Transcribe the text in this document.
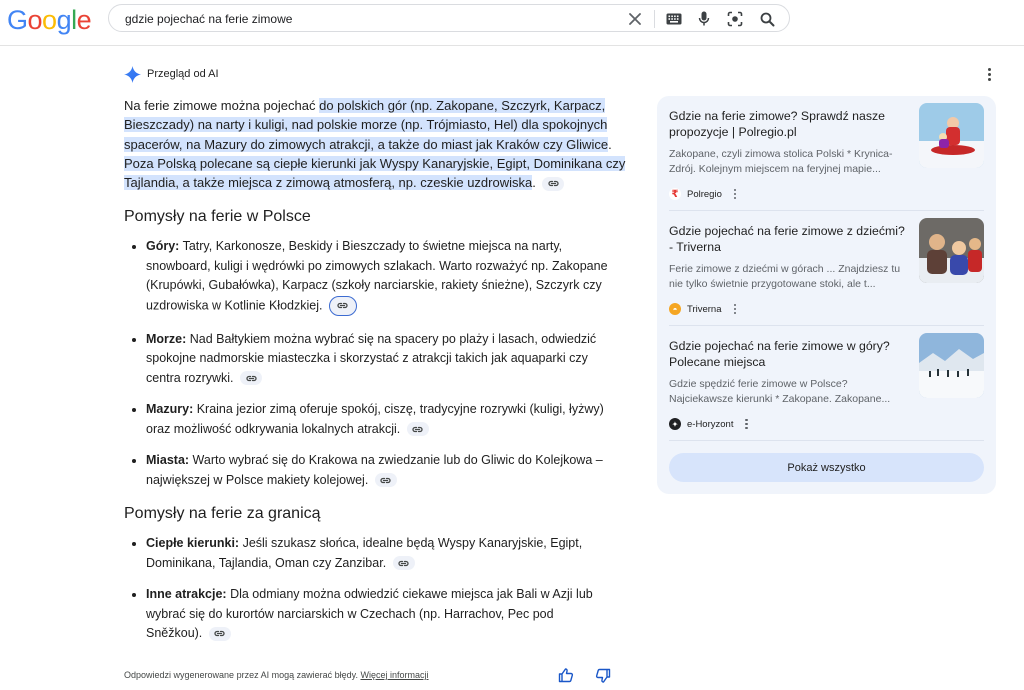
Google
gdzie pojechać na ferie zimowe
Przegląd od AI
Na ferie zimowe można pojechać do polskich gór (np. Zakopane, Szczyrk, Karpacz, Bieszczady) na narty i kuligi, nad polskie morze (np. Trójmiasto, Hel) dla spokojnych spacerów, na Mazury do zimowych atrakcji, a także do miast jak Kraków czy Gliwice. Poza Polską polecane są ciepłe kierunki jak Wyspy Kanaryjskie, Egipt, Dominikana czy Tajlandia, a także miejsca z zimową atmosferą, np. czeskie uzdrowiska.
Pomysły na ferie w Polsce
Góry: Tatry, Karkonosze, Beskidy i Bieszczady to świetne miejsca na narty, snowboard, kuligi i wędrówki po zimowych szlakach. Warto rozważyć np. Zakopane (Krupówki, Gubałówka), Karpacz (szkoły narciarskie, rakiety śnieżne), Szczyrk czy uzdrowiska w Kotlinie Kłodzkiej.
Morze: Nad Bałtykiem można wybrać się na spacery po plaży i lasach, odwiedzić spokojne nadmorskie miasteczka i skorzystać z atrakcji takich jak aquaparki czy centra rozrywki.
Mazury: Kraina jezior zimą oferuje spokój, ciszę, tradycyjne rozrywki (kuligi, łyżwy) oraz możliwość odkrywania lokalnych atrakcji.
Miasta: Warto wybrać się do Krakowa na zwiedzanie lub do Gliwic do Kolejkowa – największej w Polsce makiety kolejowej.
Pomysły na ferie za granicą
Ciepłe kierunki: Jeśli szukasz słońca, idealne będą Wyspy Kanaryjskie, Egipt, Dominikana, Tajlandia, Oman czy Zanzibar.
Inne atrakcje: Dla odmiany można odwiedzić ciekawe miejsca jak Bali w Azji lub wybrać się do kurortów narciarskich w Czechach (np. Harrachov, Pec pod Sněžkou).
Odpowiedzi wygenerowane przez AI mogą zawierać błędy. Więcej informacji
Gdzie na ferie zimowe? Sprawdź nasze propozycje | Polregio.pl
Zakopane, czyli zimowa stolica Polski * Krynica-Zdrój. Kolejnym miejscem na feryjnej mapie...
₹ Polregio
Gdzie pojechać na ferie zimowe z dziećmi? - Triverna
Ferie zimowe z dziećmi w górach ... Znajdziesz tu nie tylko świetnie przygotowane stoki, ale t...
◓	Triverna
Gdzie pojechać na ferie zimowe w góry? Polecane miejsca
Gdzie spędzić ferie zimowe w Polsce? Najciekawsze kierunki * Zakopane. Zakopane...
✦ e-Horyzont
Pokaż wszystko
